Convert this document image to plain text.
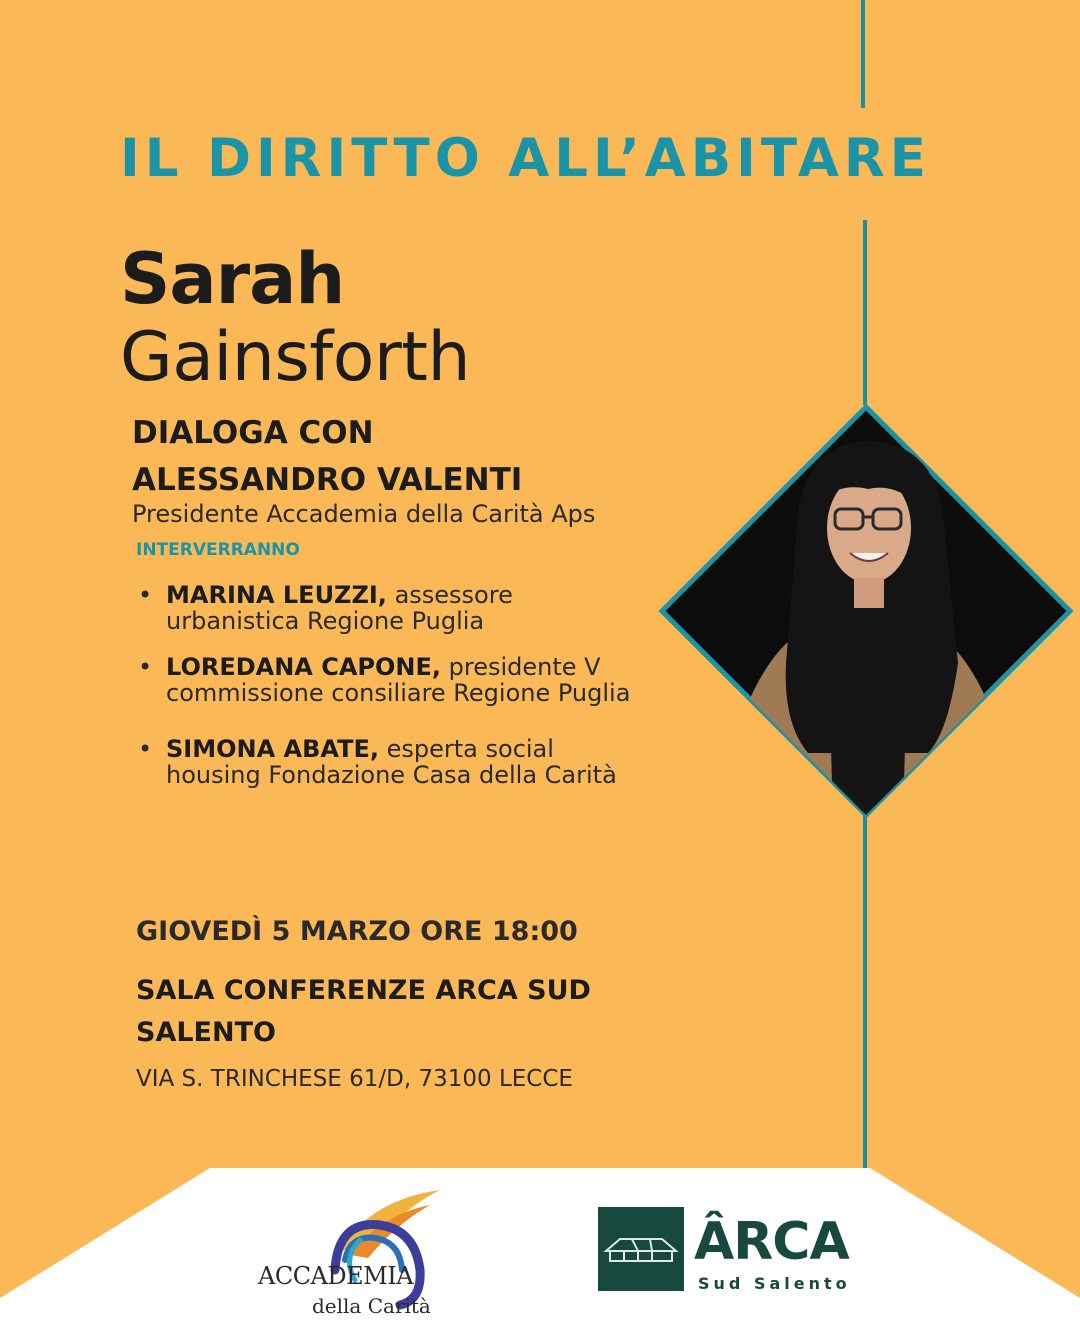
IL DIRITTO ALL’ABITARE
Sarah
Gainsforth
DIALOGA CON
ALESSANDRO VALENTI
Presidente Accademia della Carità Aps
INTERVERRANNO
• MARINA LEUZZI, assessore
urbanistica Regione Puglia
• LOREDANA CAPONE, presidente V
commissione consiliare Regione Puglia
• SIMONA ABATE, esperta social
housing Fondazione Casa della Carità
GIOVEDÌ 5 MARZO ORE 18:00
SALA CONFERENZE ARCA SUD SALENTO
VIA S. TRINCHESE 61/D, 73100 LECCE
ACCADEMIA
della Carità
ÂRCA
Sud Salento
